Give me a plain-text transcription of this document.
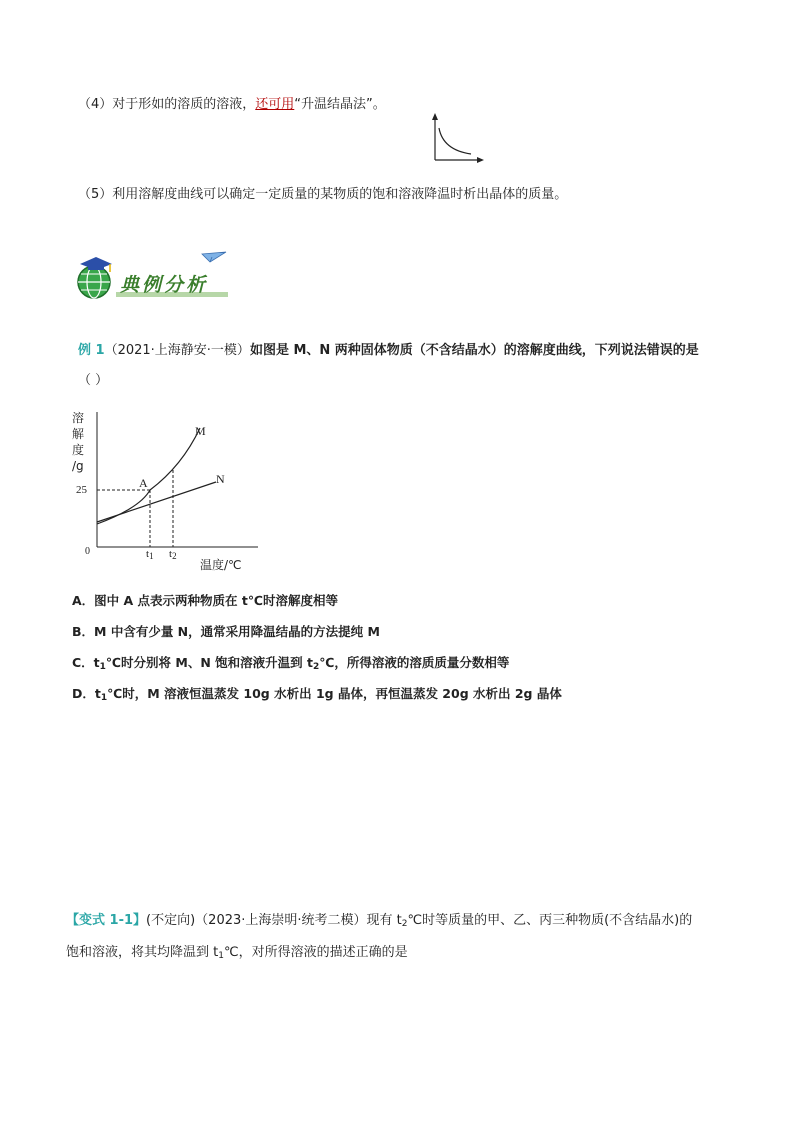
（4）对于形如的溶质的溶液，还可用“升温结晶法”。
（5）利用溶解度曲线可以确定一定质量的某物质的饱和溶液降温时析出晶体的质量。
典例分析
例 1（2021·上海静安·一模）如图是 M、N 两种固体物质（不含结晶水）的溶解度曲线，下列说法错误的是
（ ）
溶
解
度
/g
25
0
A
M
N
$t_1$ $t_2$
温度/℃
A．图中 A 点表示两种物质在 t℃时溶解度相等
B．M 中含有少量 N，通常采用降温结晶的方法提纯 M
C．$t_1℃$时分别将 M、N 饱和溶液升温到 $t_2℃$，所得溶液的溶质质量分数相等
D．$t_1℃$时，M 溶液恒温蒸发 10g 水析出 1g 晶体，再恒温蒸发 20g 水析出 2g 晶体
【变式 1-1】(不定向)（2023·上海崇明·统考二模）现有 $t_2℃$时等质量的甲、乙、丙三种物质(不含结晶水)的
饱和溶液，将其均降温到 $t_1℃$，对所得溶液的描述正确的是
